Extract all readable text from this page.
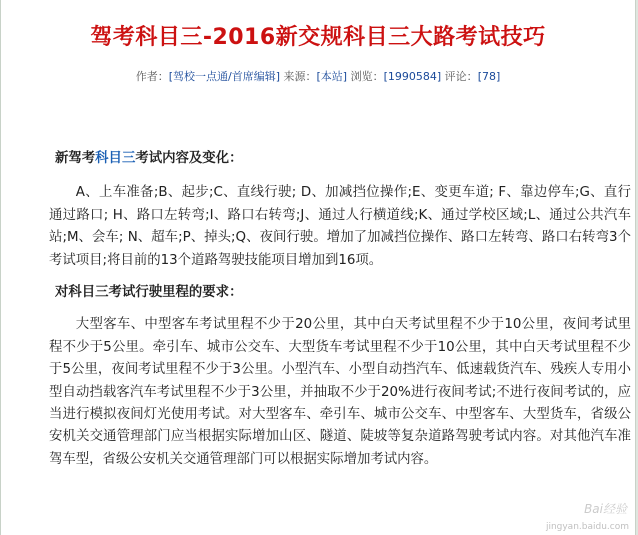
驾考科目三-2016新交规科目三大路考试技巧
作者：[驾校一点通/首席编辑] 来源：[本站] 浏览：[1990584] 评论：[78]

新驾考科目三考试内容及变化：

A、上车准备;B、起步;C、直线行驶; D、加减挡位操作;E、变更车道; F、靠边停车;G、直行通过路口; H、路口左转弯;I、路口右转弯;J、通过人行横道线;K、通过学校区域;L、通过公共汽车站;M、会车; N、超车;P、掉头;Q、夜间行驶。增加了加减挡位操作、路口左转弯、路口右转弯3个考试项目;将目前的13个道路驾驶技能项目增加到16项。

对科目三考试行驶里程的要求：

大型客车、中型客车考试里程不少于20公里，其中白天考试里程不少于10公里，夜间考试里程不少于5公里。牵引车、城市公交车、大型货车考试里程不少于10公里，其中白天考试里程不少于5公里，夜间考试里程不少于3公里。小型汽车、小型自动挡汽车、低速载货汽车、残疾人专用小型自动挡载客汽车考试里程不少于3公里，并抽取不少于20%进行夜间考试;不进行夜间考试的，应当进行模拟夜间灯光使用考试。对大型客车、牵引车、城市公交车、中型客车、大型货车，省级公安机关交通管理部门应当根据实际增加山区、隧道、陡坡等复杂道路驾驶考试内容。对其他汽车准驾车型，省级公安机关交通管理部门可以根据实际增加考试内容。

Bai经验
jingyan.baidu.com
